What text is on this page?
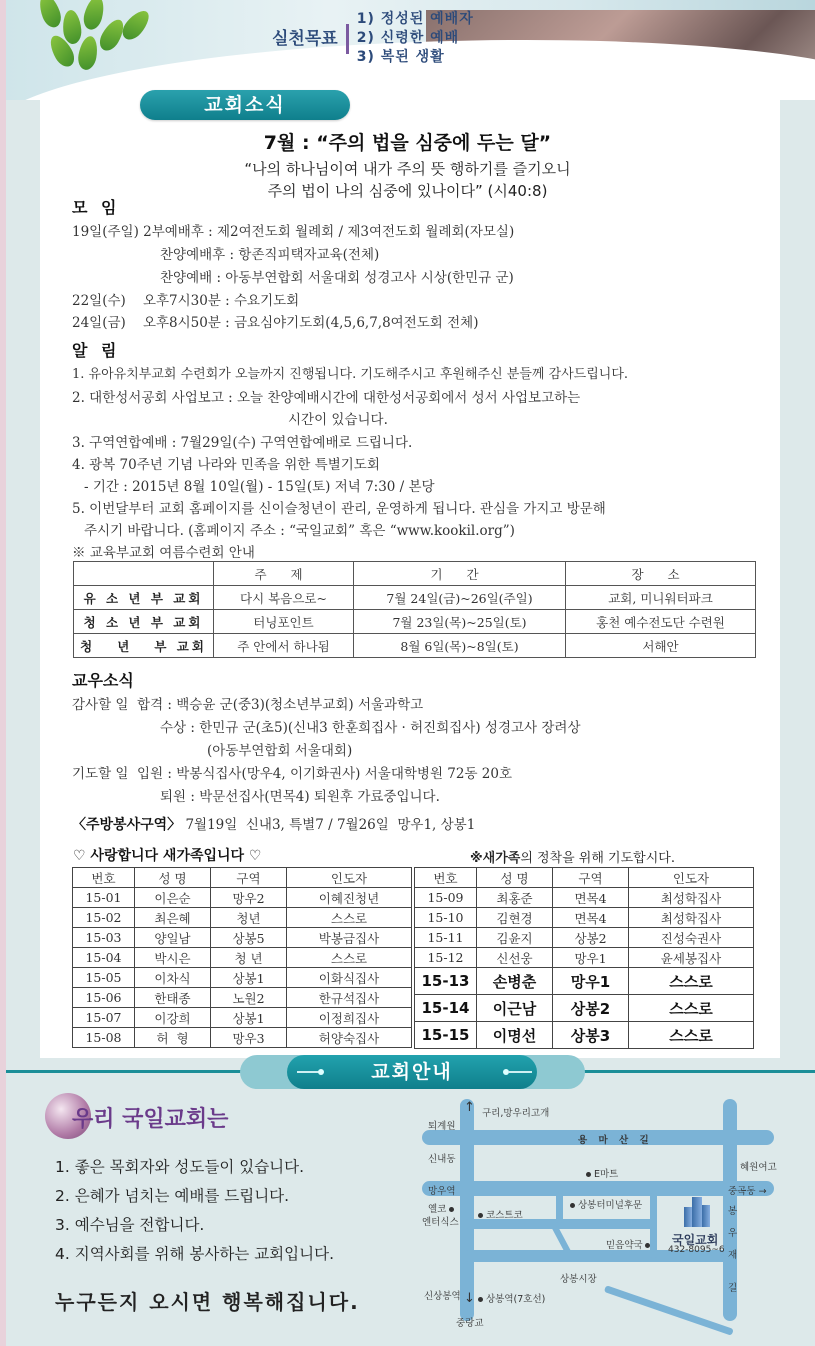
실천목표
1) 정성된 예배자
2) 신령한 예배
3) 복된 생활
교회소식
7월 : “주의 법을 심중에 두는 달”
“나의 하나님이여 내가 주의 뜻 행하기를 즐기오니
주의 법이 나의 심중에 있나이다” (시40:8)
모 임
19일(주일) 2부예배후 : 제2여전도회 월례회 / 제3여전도회 월례회(자모실)
찬양예배후 : 항존직피택자교육(전체)
찬양예배 : 아동부연합회 서울대회 성경고사 시상(한민규 군)
22일(수)    오후7시30분 : 수요기도회
24일(금)    오후8시50분 : 금요심야기도회(4,5,6,7,8여전도회 전체)
알 림
1. 유아유치부교회 수련회가 오늘까지 진행됩니다. 기도해주시고 후원해주신 분들께 감사드립니다.
2. 대한성서공회 사업보고 : 오늘 찬양예배시간에 대한성서공회에서 성서 사업보고하는
시간이 있습니다.
3. 구역연합예배 : 7월29일(수) 구역연합예배로 드립니다.
4. 광복 70주년 기념 나라와 민족을 위한 특별기도회
- 기간 : 2015년 8월 10일(월) - 15일(토) 저녁 7:30 / 본당
5. 이번달부터 교회 홈페이지를 신이슬청년이 관리, 운영하게 됩니다. 관심을 가지고 방문해
주시기 바랍니다. (홈페이지 주소 : “국일교회” 혹은 “www.kookil.org”)
※ 교육부교회 여름수련회 안내
	주 제	기 간	장 소
유 소 년 부 교회	다시 복음으로~	7월 24일(금)~26일(주일)	교회, 미니워터파크
청 소 년 부 교회	터닝포인트	7월 23일(목)~25일(토)	홍천 예수전도단 수련원
청   년   부 교회	주 안에서 하나됨	8월 6일(목)~8일(토)	서해안
교우소식
감사할 일  합격 : 백승윤 군(중3)(청소년부교회) 서울과학고
수상 : 한민규 군(초5)(신내3 한훈희집사 · 허진희집사) 성경고사 장려상
(아동부연합회 서울대회)
기도할 일  입원 : 박봉식집사(망우4, 이기화권사) 서울대학병원 72동 20호
퇴원 : 박문선집사(면목4) 퇴원후 가료중입니다.
〈주방봉사구역〉 7월19일  신내3, 특별7 / 7월26일  망우1, 상봉1
♡ 사랑합니다 새가족입니다 ♡	※새가족의 정착을 위해 기도합시다.
번호	성 명	구역	인도자
15-01	이은순	망우2	이혜진청년
15-02	최은혜	청년	스스로
15-03	양일남	상봉5	박봉금집사
15-04	박시은	청 년	스스로
15-05	이차식	상봉1	이화식집사
15-06	한태종	노원2	한규석집사
15-07	이강희	상봉1	이정희집사
15-08	허  형	망우3	허양숙집사
번호	성 명	구역	인도자
15-09	최홍준	면목4	최성학집사
15-10	김현경	면목4	최성학집사
15-11	김윤지	상봉2	진성숙권사
15-12	신선웅	망우1	윤세봉집사
15-13	손병춘	망우1	스스로
15-14	이근남	상봉2	스스로
15-15	이명선	상봉3	스스로
교회안내
우리 국일교회는
1. 좋은 목회자와 성도들이 있습니다.
2. 은혜가 넘치는 예배를 드립니다.
3. 예수님을 전합니다.
4. 지역사회를 위해 봉사하는 교회입니다.
누구든지 오시면 행복해집니다.
↑ 구리,망우리고개
퇴계원
용 마 산 길
신내동
혜원여고
E마트
망우역	중곡동 →
옐코
엔터식스
코스트코
상봉터미널후문
국일교회
432-8095~6
믿음약국
봉
우
재
길
상봉시장
신상봉역	상봉역(7호선)
↓
중랑교
